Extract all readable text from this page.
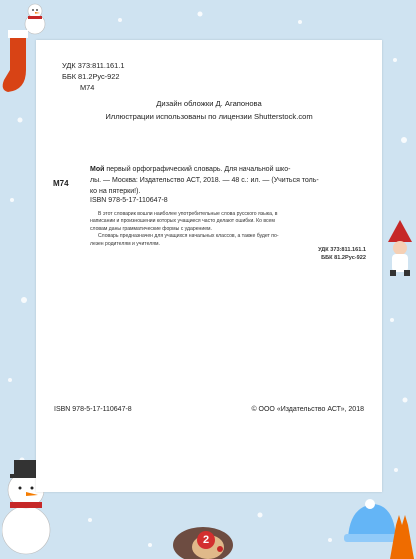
УДК 373:811.161.1
ББК 81.2Рус-922
М74
Дизайн обложки Д. Агапонова
Иллюстрации использованы по лицензии Shutterstock.com
М74
Мой первый орфографический словарь. Для начальной шко-
лы. — Москва: Издательство АСТ, 2018. — 48 с.: ил. — (Учиться толь-
ко на пятерки!).
ISBN 978-5-17-110647-8
В этот словарик вошли наиболее употребительные слова русского языка, в
написании и произношении которых учащиеся часто делают ошибки. Ко всем
словам даны грамматические формы с ударением.
Словарь предназначен для учащихся начальных классов, а также будет по-
лезен родителям и учителям.
УДК 373:811.161.1
ББК 81.2Рус-922
ISBN 978-5-17-110647-8	© ООО «Издательство АСТ», 2018
2
